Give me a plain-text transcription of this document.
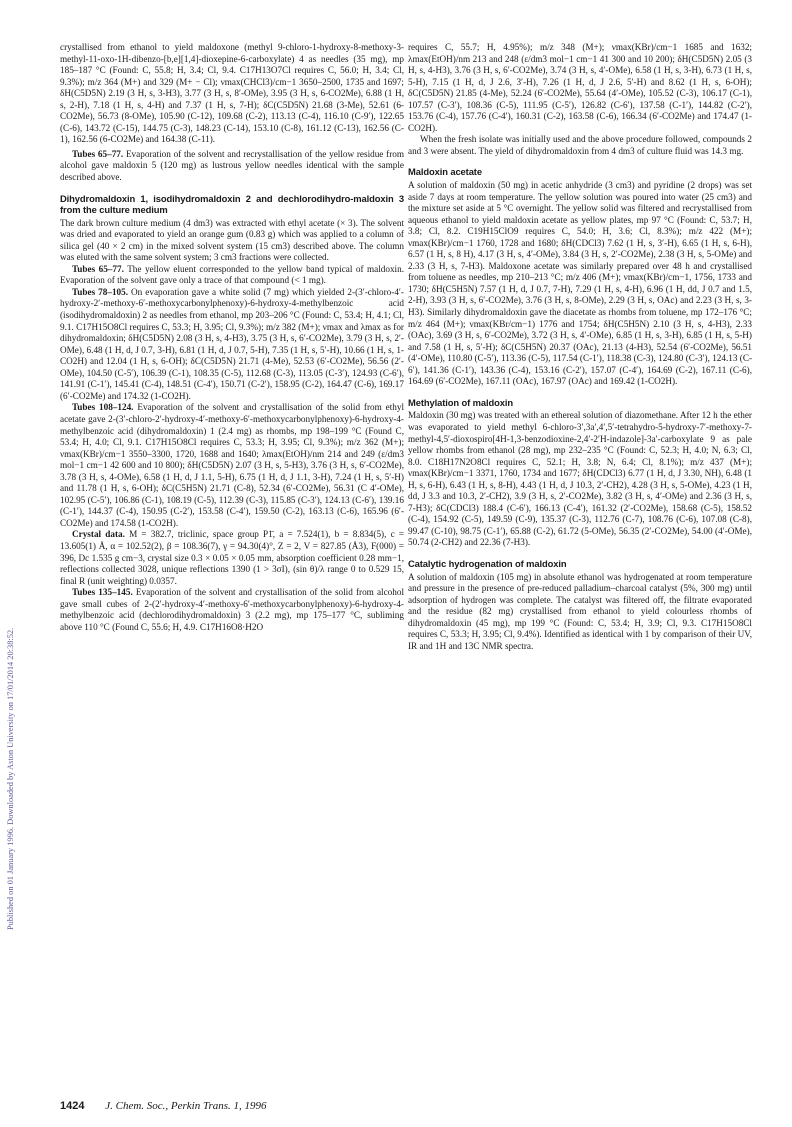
Published on 01 January 1996. Downloaded by Aston University on 17/01/2014 20:38:52.

crystallised from ethanol to yield maldoxone (methyl 9-chloro-1-hydroxy-8-methoxy-3-methyl-11-oxo-1H-dibenzo-[b,e][1,4]-dioxepine-6-carboxylate) 4 as needles (35 mg), mp 185–187 °C (Found: C, 55.8; H, 3.4; Cl, 9.4. C17H13O7Cl requires C, 56.0; H, 3.4; Cl, 9.3%); m/z 364 (M+) and 329 (M+ − Cl); νmax(CHCl3)/cm−1 3650–2500, 1735 and 1697; δH(C5D5N) 2.19 (3 H, s, 3-H3), 3.77 (3 H, s, 8′-OMe), 3.95 (3 H, s, 6-CO2Me), 6.88 (1 H, s, 2-H), 7.18 (1 H, s, 4-H) and 7.37 (1 H, s, 7-H); δC(C5D5N) 21.68 (3-Me), 52.61 (6-CO2Me), 56.73 (8-OMe), 105.90 (C-12), 109.68 (C-2), 113.13 (C-4), 116.10 (C-9′), 122.65 (C-6), 143.72 (C-15), 144.75 (C-3), 148.23 (C-14), 153.10 (C-8), 161.12 (C-13), 162.56 (C-1), 162.56 (6-CO2Me) and 164.38 (C-11).

Tubes 65–77. Evaporation of the solvent and recrystallisation of the yellow residue from alcohol gave maldoxin 5 (120 mg) as lustrous yellow needles identical with the sample described above.

Dihydromaldoxin 1, isodihydromaldoxin 2 and dechlorodihydro-maldoxin 3 from the culture medium

The dark brown culture medium (4 dm3) was extracted with ethyl acetate (× 3). The solvent was dried and evaporated to yield an orange gum (0.83 g) which was applied to a column of silica gel (40 × 2 cm) in the mixed solvent system (15 cm3) described above. The column was eluted with the same solvent system; 3 cm3 fractions were collected.

Tubes 65–77. The yellow eluent corresponded to the yellow band typical of maldoxin. Evaporation of the solvent gave only a trace of that compound (< 1 mg).

Tubes 78–105. On evaporation gave a white solid (7 mg) which yielded 2-(3′-chloro-4′-hydroxy-2′-methoxy-6′-methoxycarbonylphenoxy)-6-hydroxy-4-methylbenzoic acid (isodihydromaldoxin) 2 as needles from ethanol, mp 203–206 °C (Found: C, 53.4; H, 4.1; Cl, 9.1. C17H15O8Cl requires C, 53.3; H, 3.95; Cl, 9.3%); m/z 382 (M+); νmax and λmax as for dihydromaldoxin; δH(C5D5N) 2.08 (3 H, s, 4-H3), 3.75 (3 H, s, 6′-CO2Me), 3.79 (3 H, s, 2′-OMe), 6.48 (1 H, d, J 0.7, 3-H), 6.81 (1 H, d, J 0.7, 5-H), 7.35 (1 H, s, 5′-H), 10.66 (1 H, s, 1-CO2H) and 12.04 (1 H, s, 6-OH); δC(C5D5N) 21.71 (4-Me), 52.53 (6′-CO2Me), 56.56 (2′-OMe), 104.50 (C-5′), 106.39 (C-1), 108.35 (C-5), 112.68 (C-3), 113.05 (C-3′), 124.93 (C-6′), 141.91 (C-1′), 145.41 (C-4), 148.51 (C-4′), 150.71 (C-2′), 158.95 (C-2), 164.47 (C-6), 169.17 (6′-CO2Me) and 174.32 (1-CO2H).

Tubes 108–124. Evaporation of the solvent and crystallisation of the solid from ethyl acetate gave 2-(3′-chloro-2′-hydroxy-4′-methoxy-6′-methoxycarbonylphenoxy)-6-hydroxy-4-methylbenzoic acid (dihydromaldoxin) 1 (2.4 mg) as rhombs, mp 198–199 °C (Found C, 53.4; H, 4.0; Cl, 9.1. C17H15O8Cl requires C, 53.3; H, 3.95; Cl, 9.3%); m/z 362 (M+); νmax(KBr)/cm−1 3550–3300, 1720, 1688 and 1640; λmax(EtOH)/nm 214 and 249 (ε/dm3 mol−1 cm−1 42 600 and 10 800); δH(C5D5N) 2.07 (3 H, s, 5-H3), 3.76 (3 H, s, 6′-CO2Me), 3.78 (3 H, s, 4-OMe), 6.58 (1 H, d, J 1.1, 5-H), 6.75 (1 H, d, J 1.1, 3-H), 7.24 (1 H, s, 5′-H) and 11.78 (1 H, s, 6-OH); δC(C5H5N) 21.71 (C-8), 52.34 (6′-CO2Me), 56.31 (C 4′-OMe), 102.95 (C-5′), 106.86 (C-1), 108.19 (C-5), 112.39 (C-3), 115.85 (C-3′), 124.13 (C-6′), 139.16 (C-1′), 144.37 (C-4), 150.95 (C-2′), 153.58 (C-4′), 159.50 (C-2), 163.13 (C-6), 165.96 (6′-CO2Me) and 174.58 (1-CO2H).

Crystal data. M = 382.7, triclinic, space group P1̄, a = 7.524(1), b = 8.834(5), c = 13.605(1) Å, α = 102.52(2), β = 108.36(7), γ = 94.30(4)°, Z = 2, V = 827.85 (Å3), F(000) = 396, Dc 1.535 g cm−3, crystal size 0.3 × 0.05 × 0.05 mm, absorption coefficient 0.28 mm−1, reflections collected 3028, unique reflections 1390 (1 > 3σI), (sin θ)/λ range 0 to 0.529 15, final R (unit weighting) 0.0357.

Tubes 135–145. Evaporation of the solvent and crystallisation of the solid from alcohol gave small cubes of 2-(2′-hydroxy-4′-methoxy-6′-methoxycarbonylphenoxy)-6-hydroxy-4-methylbenzoic acid (dechlorodihydromaldoxin) 3 (2.2 mg), mp 175–177 °C, subliming above 110 °C (Found C, 55.6; H, 4.9. C17H16O8·H2O

requires C, 55.7; H, 4.95%); m/z 348 (M+); νmax(KBr)/cm−1 1685 and 1632; λmax(EtOH)/nm 213 and 248 (ε/dm3 mol−1 cm−1 41 300 and 10 200); δH(C5D5N) 2.05 (3 H, s, 4-H3), 3.76 (3 H, s, 6′-CO2Me), 3.74 (3 H, s, 4′-OMe), 6.58 (1 H, s, 3-H), 6.73 (1 H, s, 5-H), 7.15 (1 H, d, J 2.6, 3′-H), 7.26 (1 H, d, J 2.6, 5′-H) and 8.62 (1 H, s, 6-OH); δC(C5D5N) 21.85 (4-Me), 52.24 (6′-CO2Me), 55.64 (4′-OMe), 105.52 (C-3), 106.17 (C-1), 107.57 (C-3′), 108.36 (C-5), 111.95 (C-5′), 126.82 (C-6′), 137.58 (C-1′), 144.82 (C-2′), 153.76 (C-4), 157.76 (C-4′), 160.31 (C-2), 163.58 (C-6), 166.34 (6′-CO2Me) and 174.47 (1-CO2H).

When the fresh isolate was initially used and the above procedure followed, compounds 2 and 3 were absent. The yield of dihydromaldoxin from 4 dm3 of culture fluid was 14.3 mg.

Maldoxin acetate

A solution of maldoxin (50 mg) in acetic anhydride (3 cm3) and pyridine (2 drops) was set aside 7 days at room temperature. The yellow solution was poured into water (25 cm3) and the mixture set aside at 5 °C overnight. The yellow solid was filtered and recrystallised from aqueous ethanol to yield maldoxin acetate as yellow plates, mp 97 °C (Found: C, 53.7; H, 3.8; Cl, 8.2. C19H15ClO9 requires C, 54.0; H, 3.6; Cl, 8.3%); m/z 422 (M+); νmax(KBr)/cm−1 1760, 1728 and 1680; δH(CDCl3) 7.62 (1 H, s, 3′-H), 6.65 (1 H, s, 6-H), 6.57 (1 H, s, 8 H), 4.17 (3 H, s, 4′-OMe), 3.84 (3 H, s, 2′-CO2Me), 2.38 (3 H, s, 5-OMe) and 2.33 (3 H, s, 7-H3). Maldoxone acetate was similarly prepared over 48 h and crystallised from toluene as needles, mp 210–213 °C; m/z 406 (M+); νmax(KBr)/cm−1, 1756, 1733 and 1730; δH(C5H5N) 7.57 (1 H, d, J 0.7, 7-H), 7.29 (1 H, s, 4-H), 6.96 (1 H, dd, J 0.7 and 1.5, 2-H), 3.93 (3 H, s, 6′-CO2Me), 3.76 (3 H, s, 8-OMe), 2.29 (3 H, s, OAc) and 2.23 (3 H, s, 3-H3). Similarly dihydromaldoxin gave the diacetate as rhombs from toluene, mp 172–176 °C; m/z 464 (M+); νmax(KBr/cm−1) 1776 and 1754; δH(C5H5N) 2.10 (3 H, s, 4-H3), 2.33 (OAc), 3.69 (3 H, s, 6′-CO2Me), 3.72 (3 H, s, 4′-OMe), 6.85 (1 H, s, 3-H), 6.85 (1 H, s, 5-H) and 7.58 (1 H, s, 5′-H); δC(C5H5N) 20.37 (OAc), 21.13 (4-H3), 52.54 (6′-CO2Me), 56.51 (4′-OMe), 110.80 (C-5′), 113.36 (C-5), 117.54 (C-1′), 118.38 (C-3), 124.80 (C-3′), 124.13 (C-6′), 141.36 (C-1′), 143.36 (C-4), 153.16 (C-2′), 157.07 (C-4′), 164.69 (C-2), 167.11 (C-6), 164.69 (6′-CO2Me), 167.11 (OAc), 167.97 (OAc) and 169.42 (1-CO2H).

Methylation of maldoxin

Maldoxin (30 mg) was treated with an ethereal solution of diazomethane. After 12 h the ether was evaporated to yield methyl 6-chloro-3′,3a′,4′,5′-tetrahydro-5-hydroxy-7′-methoxy-7-methyl-4,5′-dioxospiro[4H-1,3-benzodioxine-2,4′-2′H-indazole]-3a′-carboxylate 9 as pale yellow rhombs from ethanol (28 mg), mp 232–235 °C (Found: C, 52.3; H, 4.0; N, 6.3; Cl, 8.0. C18H17N2O8Cl requires C, 52.1; H, 3.8; N, 6.4; Cl, 8.1%); m/z 437 (M+); νmax(KBr)/cm−1 3371, 1760, 1734 and 1677; δH(CDCl3) 6.77 (1 H, d, J 3.30, NH), 6.48 (1 H, s, 6-H), 6.43 (1 H, s, 8-H), 4.43 (1 H, d, J 10.3, 2′-CH2), 4.28 (3 H, s, 5-OMe), 4.23 (1 H, dd, J 3.3 and 10.3, 2′-CH2), 3.9 (3 H, s, 2′-CO2Me), 3.82 (3 H, s, 4′-OMe) and 2.36 (3 H, s, 7-H3); δC(CDCl3) 188.4 (C-6′), 166.13 (C-4′), 161.32 (2′-CO2Me), 158.68 (C-5), 158.52 (C-4), 154.92 (C-5), 149.59 (C-9), 135.37 (C-3), 112.76 (C-7), 108.76 (C-6), 107.08 (C-8), 99.47 (C-10), 98.75 (C-1′), 65.88 (C-2), 61.72 (5-OMe), 56.35 (2′-CO2Me), 54.00 (4′-OMe), 50.74 (2-CH2) and 22.36 (7-H3).

Catalytic hydrogenation of maldoxin

A solution of maldoxin (105 mg) in absolute ethanol was hydrogenated at room temperature and pressure in the presence of pre-reduced palladium–charcoal catalyst (5%, 300 mg) until adsorption of hydrogen was complete. The catalyst was filtered off, the filtrate evaporated and the residue (82 mg) crystallised from ethanol to yield colourless rhombs of dihydromaldoxin (45 mg), mp 199 °C (Found: C, 53.4; H, 3.9; Cl, 9.3. C17H15O8Cl requires C, 53.3; H, 3.95; Cl, 9.4%). Identified as identical with 1 by comparison of their UV, IR and 1H and 13C NMR spectra.

1424 J. Chem. Soc., Perkin Trans. 1, 1996
